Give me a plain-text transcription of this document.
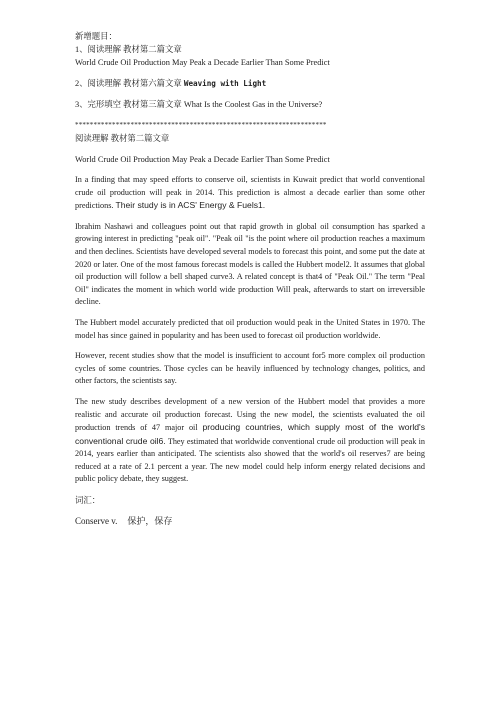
新增题目：
1、阅读理解 教材第二篇文章
World Crude Oil Production May Peak a Decade Earlier Than Some Predict
2、阅读理解 教材第六篇文章 Weaving with Light
3、完形填空 教材第三篇文章 What Is the Coolest Gas in the Universe?
********************************************************************
阅读理解 教材第二篇文章
World Crude Oil Production May Peak a Decade Earlier Than Some Predict

In a finding that may speed efforts to conserve oil, scientists in Kuwait predict that world conventional crude oil production will peak in 2014. This prediction is almost a decade earlier than some other predictions. Their study is in ACS' Energy & Fuels1.

Ibrahim Nashawi and colleagues point out that rapid growth in global oil consumption has sparked a growing interest in predicting "peak oil". "Peak oil "is the point where oil production reaches a maximum and then declines. Scientists have developed several models to forecast this point, and some put the date at 2020 or later. One of the most famous forecast models is called the Hubbert model2. It assumes that global oil production will follow a bell shaped curve3. A related concept is that4 of "Peak Oil." The term "Peal Oil" indicates the moment in which world wide production Will peak, afterwards to start on irreversible decline.

The Hubbert model accurately predicted that oil production would peak in the United States in 1970. The model has since gained in popularity and has been used to forecast oil production worldwide.

However, recent studies show that the model is insufficient to account for5 more complex oil production cycles of some countries. Those cycles can be heavily influenced by technology changes, politics, and other factors, the scientists say.

The new study describes development of a new version of the Hubbert model that provides a more realistic and accurate oil production forecast. Using the new model, the scientists evaluated the oil production trends of 47 major oil producing countries, which supply most of the world's conventional crude oil6. They estimated that worldwide conventional crude oil production will peak in 2014, years earlier than anticipated. The scientists also showed that the world's oil reserves7 are being reduced at a rate of 2.1 percent a year. The new model could help inform energy related decisions and public policy debate, they suggest.

词汇：
Conserve v. 保护，保存
